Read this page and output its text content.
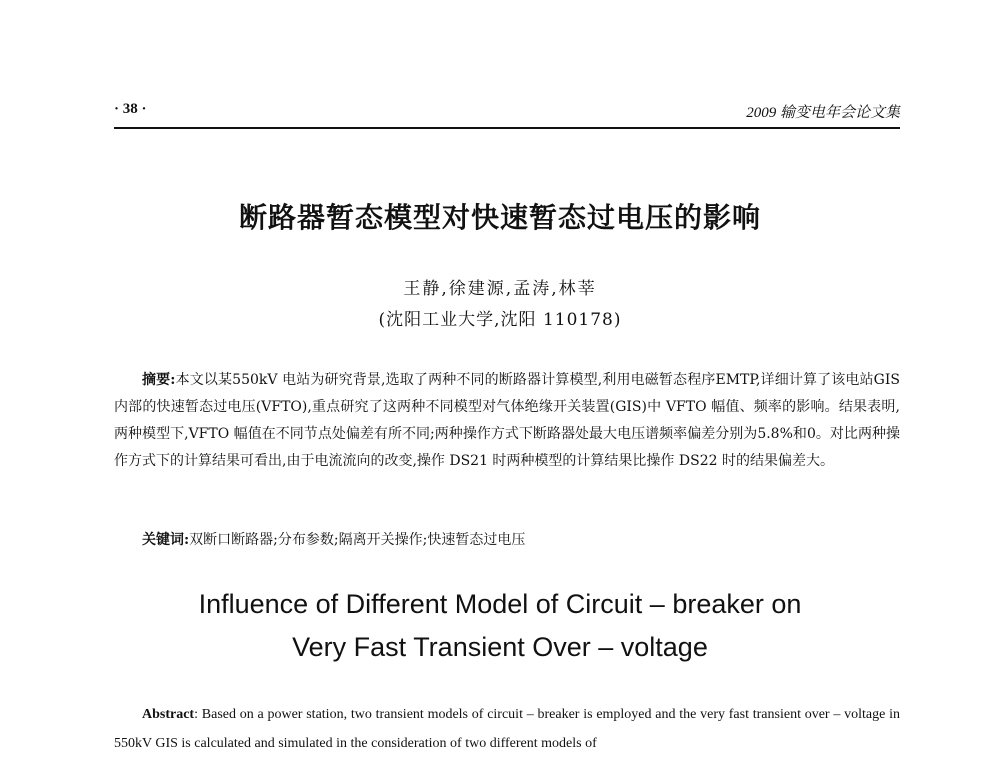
· 38 ·	2009 输变电年会论文集
断路器暂态模型对快速暂态过电压的影响
王静,徐建源,孟涛,林莘
(沈阳工业大学,沈阳 110178)

摘要:本文以某550kV 电站为研究背景,选取了两种不同的断路器计算模型,利用电磁暂态程序EMTP,详细计算了该电站GIS 内部的快速暂态过电压(VFTO),重点研究了这两种不同模型对气体绝缘开关装置(GIS)中 VFTO 幅值、频率的影响。结果表明,两种模型下,VFTO 幅值在不同节点处偏差有所不同;两种操作方式下断路器处最大电压谱频率偏差分别为5.8%和0。对比两种操作方式下的计算结果可看出,由于电流流向的改变,操作 DS21 时两种模型的计算结果比操作 DS22 时的结果偏差大。

关键词:双断口断路器;分布参数;隔离开关操作;快速暂态过电压
Influence of Different Model of Circuit – breaker on
Very Fast Transient Over – voltage

Abstract: Based on a power station, two transient models of circuit – breaker is employed and the very fast transient over – voltage in 550kV GIS is calculated and simulated in the consideration of two different models of
